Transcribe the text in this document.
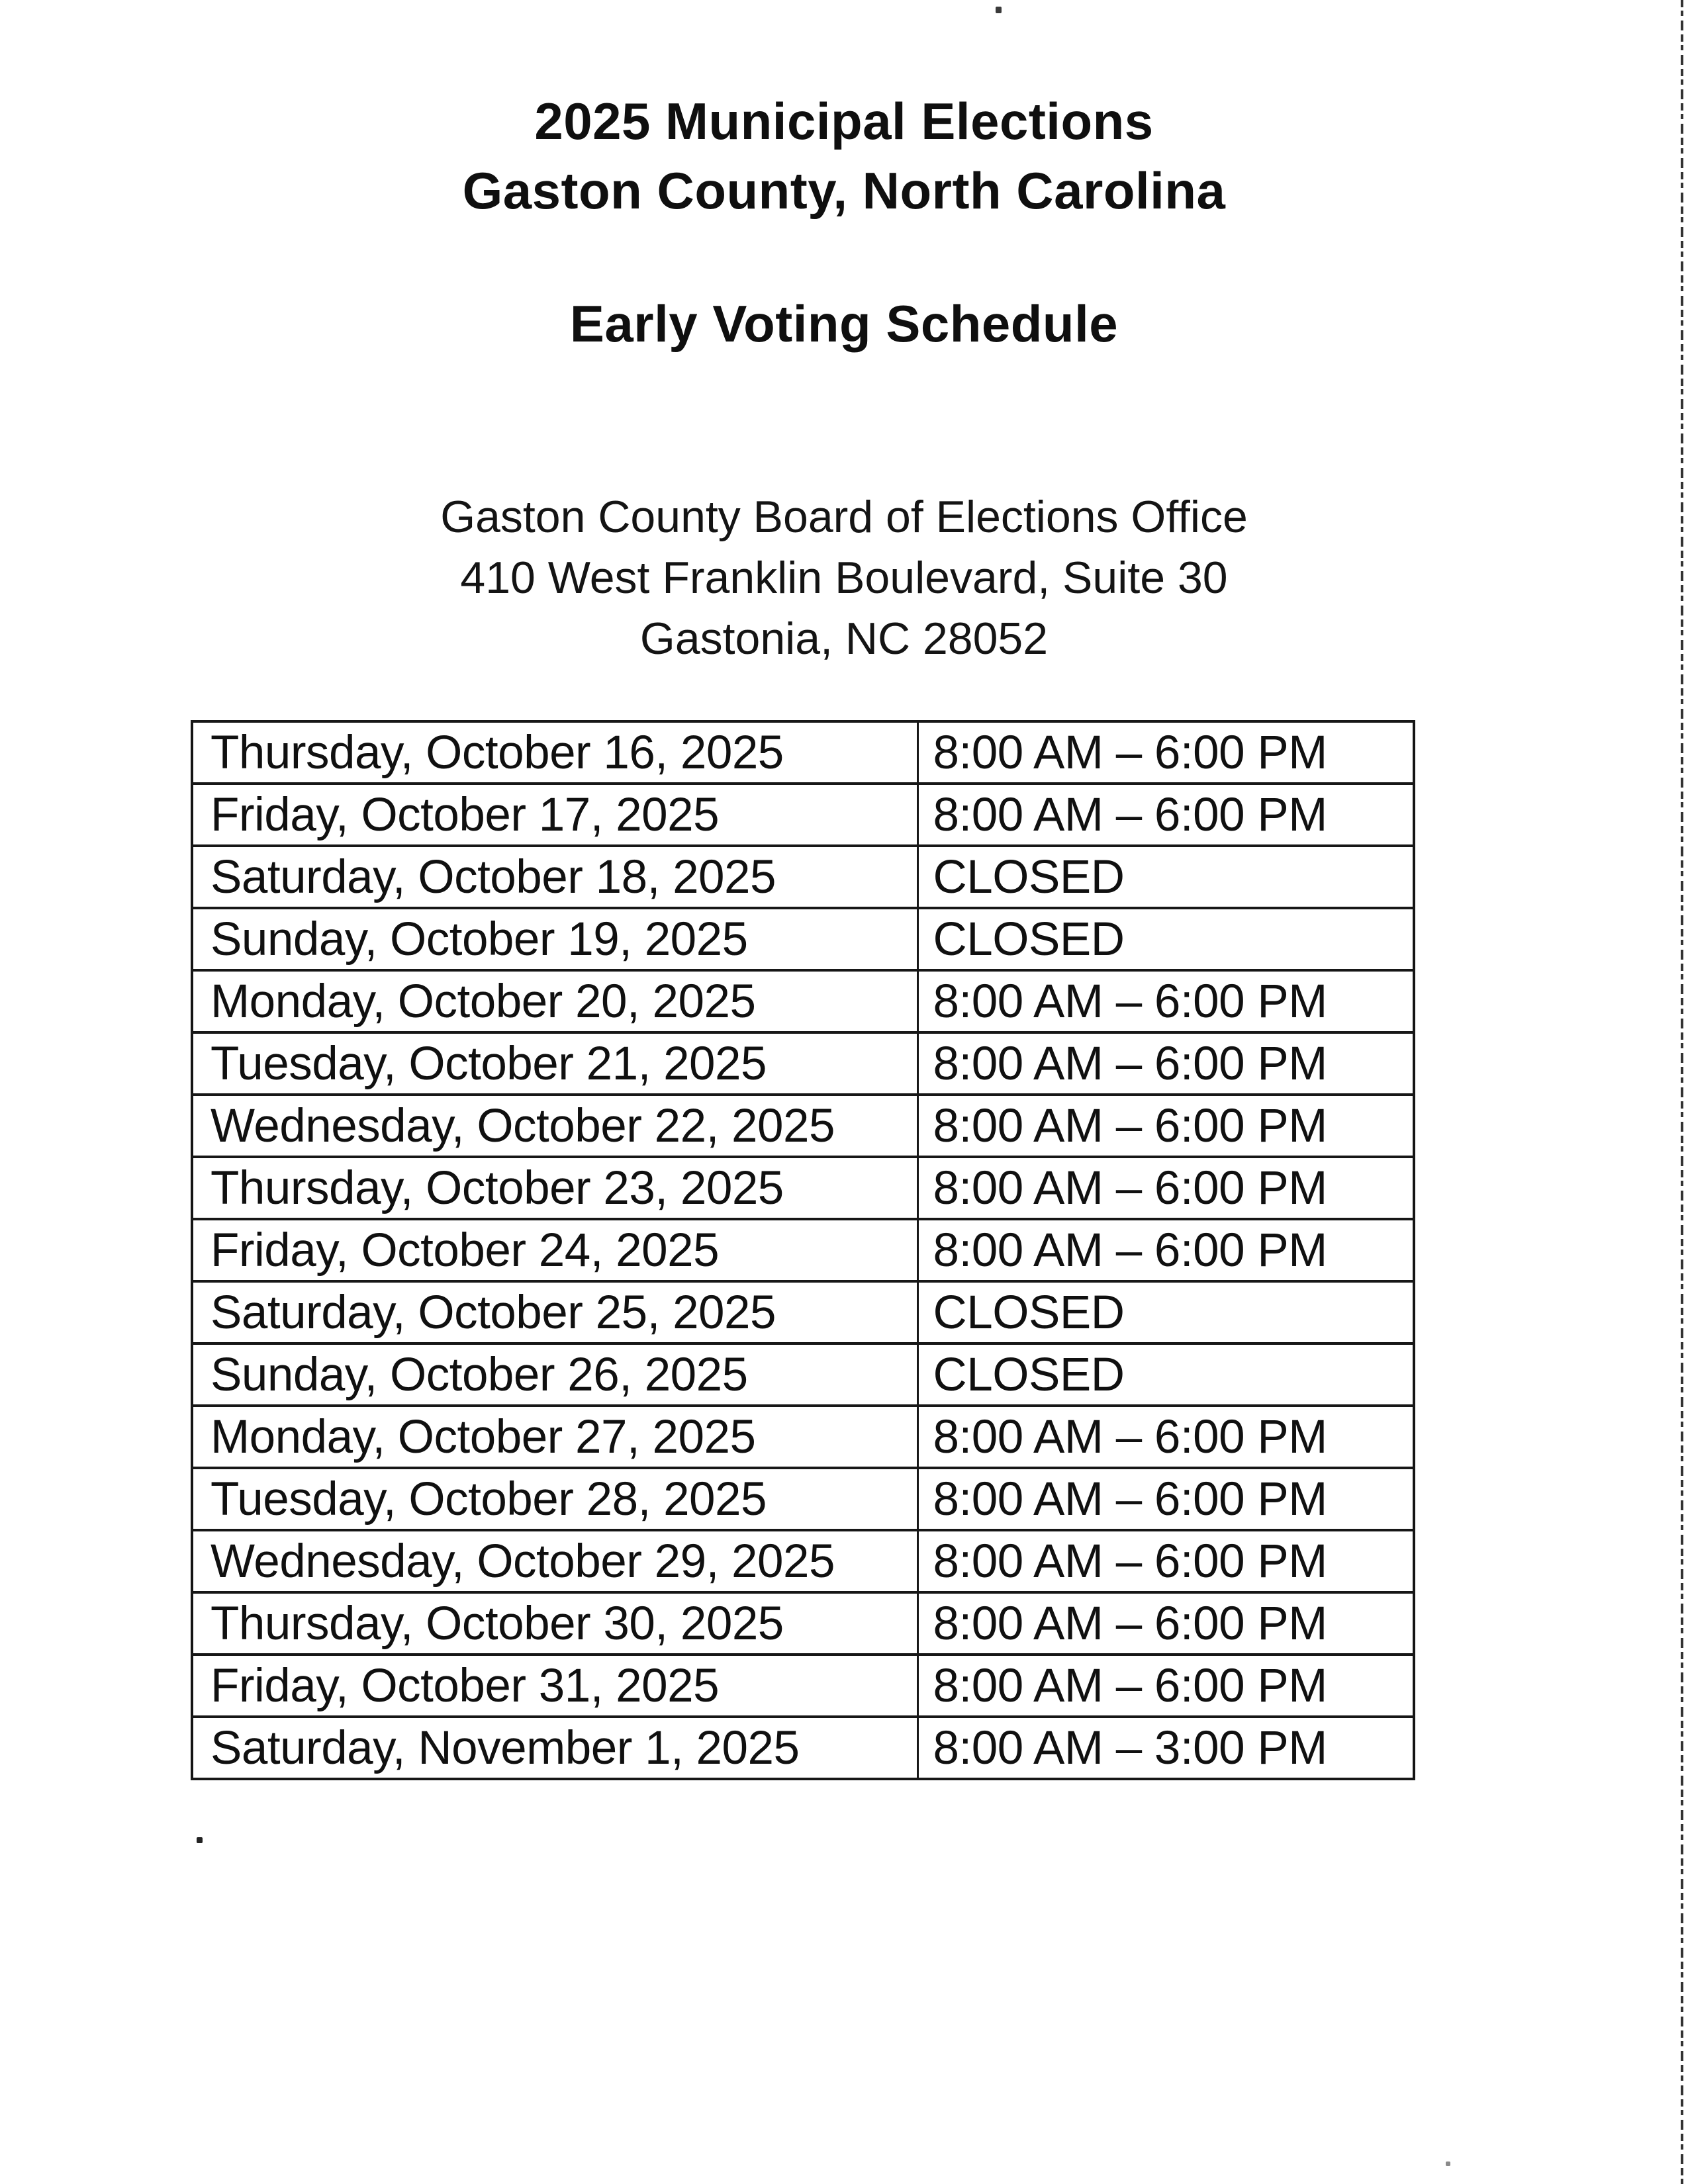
2025 Municipal Elections
Gaston County, North Carolina
Early Voting Schedule
Gaston County Board of Elections Office
410 West Franklin Boulevard, Suite 30
Gastonia, NC 28052
Thursday, October 16, 2025	8:00 AM – 6:00 PM
Friday, October 17, 2025	8:00 AM – 6:00 PM
Saturday, October 18, 2025	CLOSED
Sunday, October 19, 2025	CLOSED
Monday, October 20, 2025	8:00 AM – 6:00 PM
Tuesday, October 21, 2025	8:00 AM – 6:00 PM
Wednesday, October 22, 2025	8:00 AM – 6:00 PM
Thursday, October 23, 2025	8:00 AM – 6:00 PM
Friday, October 24, 2025	8:00 AM – 6:00 PM
Saturday, October 25, 2025	CLOSED
Sunday, October 26, 2025	CLOSED
Monday, October 27, 2025	8:00 AM – 6:00 PM
Tuesday, October 28, 2025	8:00 AM – 6:00 PM
Wednesday, October 29, 2025	8:00 AM – 6:00 PM
Thursday, October 30, 2025	8:00 AM – 6:00 PM
Friday, October 31, 2025	8:00 AM – 6:00 PM
Saturday, November 1, 2025	8:00 AM – 3:00 PM
